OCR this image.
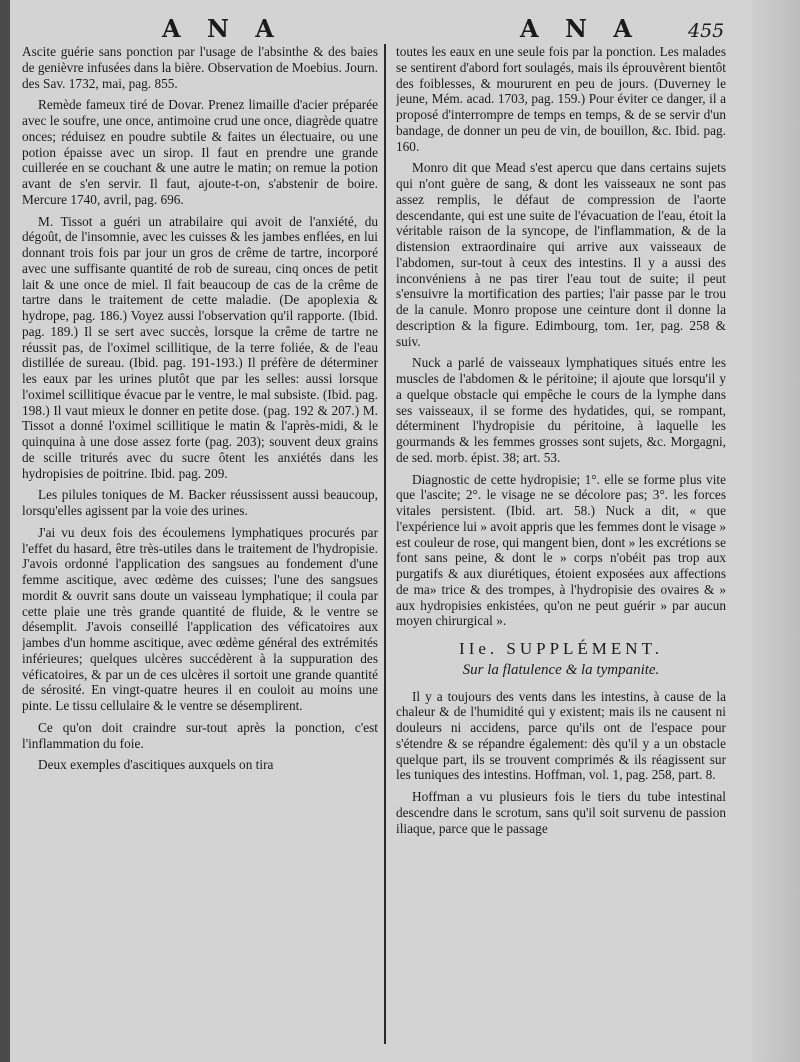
A N A	A N A 455

Ascite guérie sans ponction par l'usage de l'absinthe & des baies de genièvre infusées dans la bière. Observation de Moebius. Journ. des Sav. 1732, mai, pag. 855.

Remède fameux tiré de Dovar. Prenez limaille d'acier préparée avec le soufre, une once, antimoine crud une once, diagrède quatre onces; réduisez en poudre subtile & faites un électuaire, ou une potion épaisse avec un sirop. Il faut en prendre une grande cuillerée en se couchant & une autre le matin; on remue la potion avant de s'en servir. Il faut, ajoute-t-on, s'abstenir de boire. Mercure 1740, avril, pag. 696.

M. Tissot a guéri un atrabilaire qui avoit de l'anxiété, du dégoût, de l'insomnie, avec les cuisses & les jambes enflées, en lui donnant trois fois par jour un gros de crême de tartre, incorporé avec une suffisante quantité de rob de sureau, cinq onces de petit lait & une once de miel. Il fait beaucoup de cas de la crême de tartre dans le traitement de cette maladie. (De apoplexia & hydrope, pag. 186.) Voyez aussi l'observation qu'il rapporte. (Ibid. pag. 189.) Il se sert avec succès, lorsque la crême de tartre ne réussit pas, de l'oximel scillitique, de la terre foliée, & de l'eau distillée de sureau. (Ibid. pag. 191-193.) Il préfère de déterminer les eaux par les urines plutôt que par les selles: aussi lorsque l'oximel scillitique évacue par le ventre, le mal subsiste. (Ibid. pag. 198.) Il vaut mieux le donner en petite dose. (pag. 192 & 207.) M. Tissot a donné l'oximel scillitique le matin & l'après-midi, & le quinquina à une dose assez forte (pag. 203); souvent deux grains de scille triturés avec du sucre ôtent les anxiétés dans les hydropisies de poitrine. Ibid. pag. 209.

Les pilules toniques de M. Backer réussissent aussi beaucoup, lorsqu'elles agissent par la voie des urines.

J'ai vu deux fois des écoulemens lymphatiques procurés par l'effet du hasard, être très-utiles dans le traitement de l'hydropisie. J'avois ordonné l'application des sangsues au fondement d'une femme ascitique, avec œdème des cuisses; l'une des sangsues mordit & ouvrit sans doute un vaisseau lymphatique; il coula par cette plaie une très grande quantité de fluide, & le ventre se désemplit. J'avois conseillé l'application des véficatoires aux jambes d'un homme ascitique, avec œdème général des extrémités inférieures; quelques ulcères succédèrent à la suppuration des véficatoires, & par un de ces ulcères il sortoit une grande quantité de sérosité. En vingt-quatre heures il en couloit au moins une pinte. Le tissu cellulaire & le ventre se désemplirent.

Ce qu'on doit craindre sur-tout après la ponction, c'est l'inflammation du foie.

Deux exemples d'ascitiques auxquels on tira

toutes les eaux en une seule fois par la ponction. Les malades se sentirent d'abord fort soulagés, mais ils éprouvèrent bientôt des foiblesses, & moururent en peu de jours. (Duverney le jeune, Mém. acad. 1703, pag. 159.) Pour éviter ce danger, il a proposé d'interrompre de temps en temps, & de se servir d'un bandage, de donner un peu de vin, de bouillon, &c. Ibid. pag. 160.

Monro dit que Mead s'est apercu que dans certains sujets qui n'ont guère de sang, & dont les vaisseaux ne sont pas assez remplis, le défaut de compression de l'aorte descendante, qui est une suite de l'évacuation de l'eau, étoit la véritable raison de la syncope, de l'inflammation, & de la distension extraordinaire qui arrive aux vaisseaux de l'abdomen, sur-tout à ceux des intestins. Il y a aussi des inconvéniens à ne pas tirer l'eau tout de suite; il peut s'ensuivre la mortification des parties; l'air passe par le trou de la canule. Monro propose une ceinture dont il donne la description & la figure. Edimbourg, tom. 1er, pag. 258 & suiv.

Nuck a parlé de vaisseaux lymphatiques situés entre les muscles de l'abdomen & le péritoine; il ajoute que lorsqu'il y a quelque obstacle qui empêche le cours de la lymphe dans ses vaisseaux, il se forme des hydatides, qui, se rompant, déterminent l'hydropisie du péritoine, à laquelle les gourmands & les femmes grosses sont sujets, &c. Morgagni, de sed. morb. épist. 38; art. 53.

Diagnostic de cette hydropisie; 1°. elle se forme plus vite que l'ascite; 2°. le visage ne se décolore pas; 3°. les forces vitales persistent. (Ibid. art. 58.) Nuck a dit, « que l'expérience lui » avoit appris que les femmes dont le visage » est couleur de rose, qui mangent bien, dont » les excrétions se font sans peine, & dont le » corps n'obéit pas trop aux purgatifs & aux diurétiques, étoient exposées aux affections de ma» trice & des trompes, à l'hydropisie des ovaires & » aux hydropisies enkistées, qu'on ne peut guérir » par aucun moyen chirurgical ».

IIe. SUPPLÉMENT.
Sur la flatulence & la tympanite.

Il y a toujours des vents dans les intestins, à cause de la chaleur & de l'humidité qui y existent; mais ils ne causent ni douleurs ni accidens, parce qu'ils ont de l'espace pour s'étendre & se répandre également: dès qu'il y a un obstacle quelque part, ils se trouvent comprimés & ils réagissent sur les tuniques des intestins. Hoffman, vol. 1, pag. 258, part. 8.

Hoffman a vu plusieurs fois le tiers du tube intestinal descendre dans le scrotum, sans qu'il soit survenu de passion iliaque, parce que le passage
